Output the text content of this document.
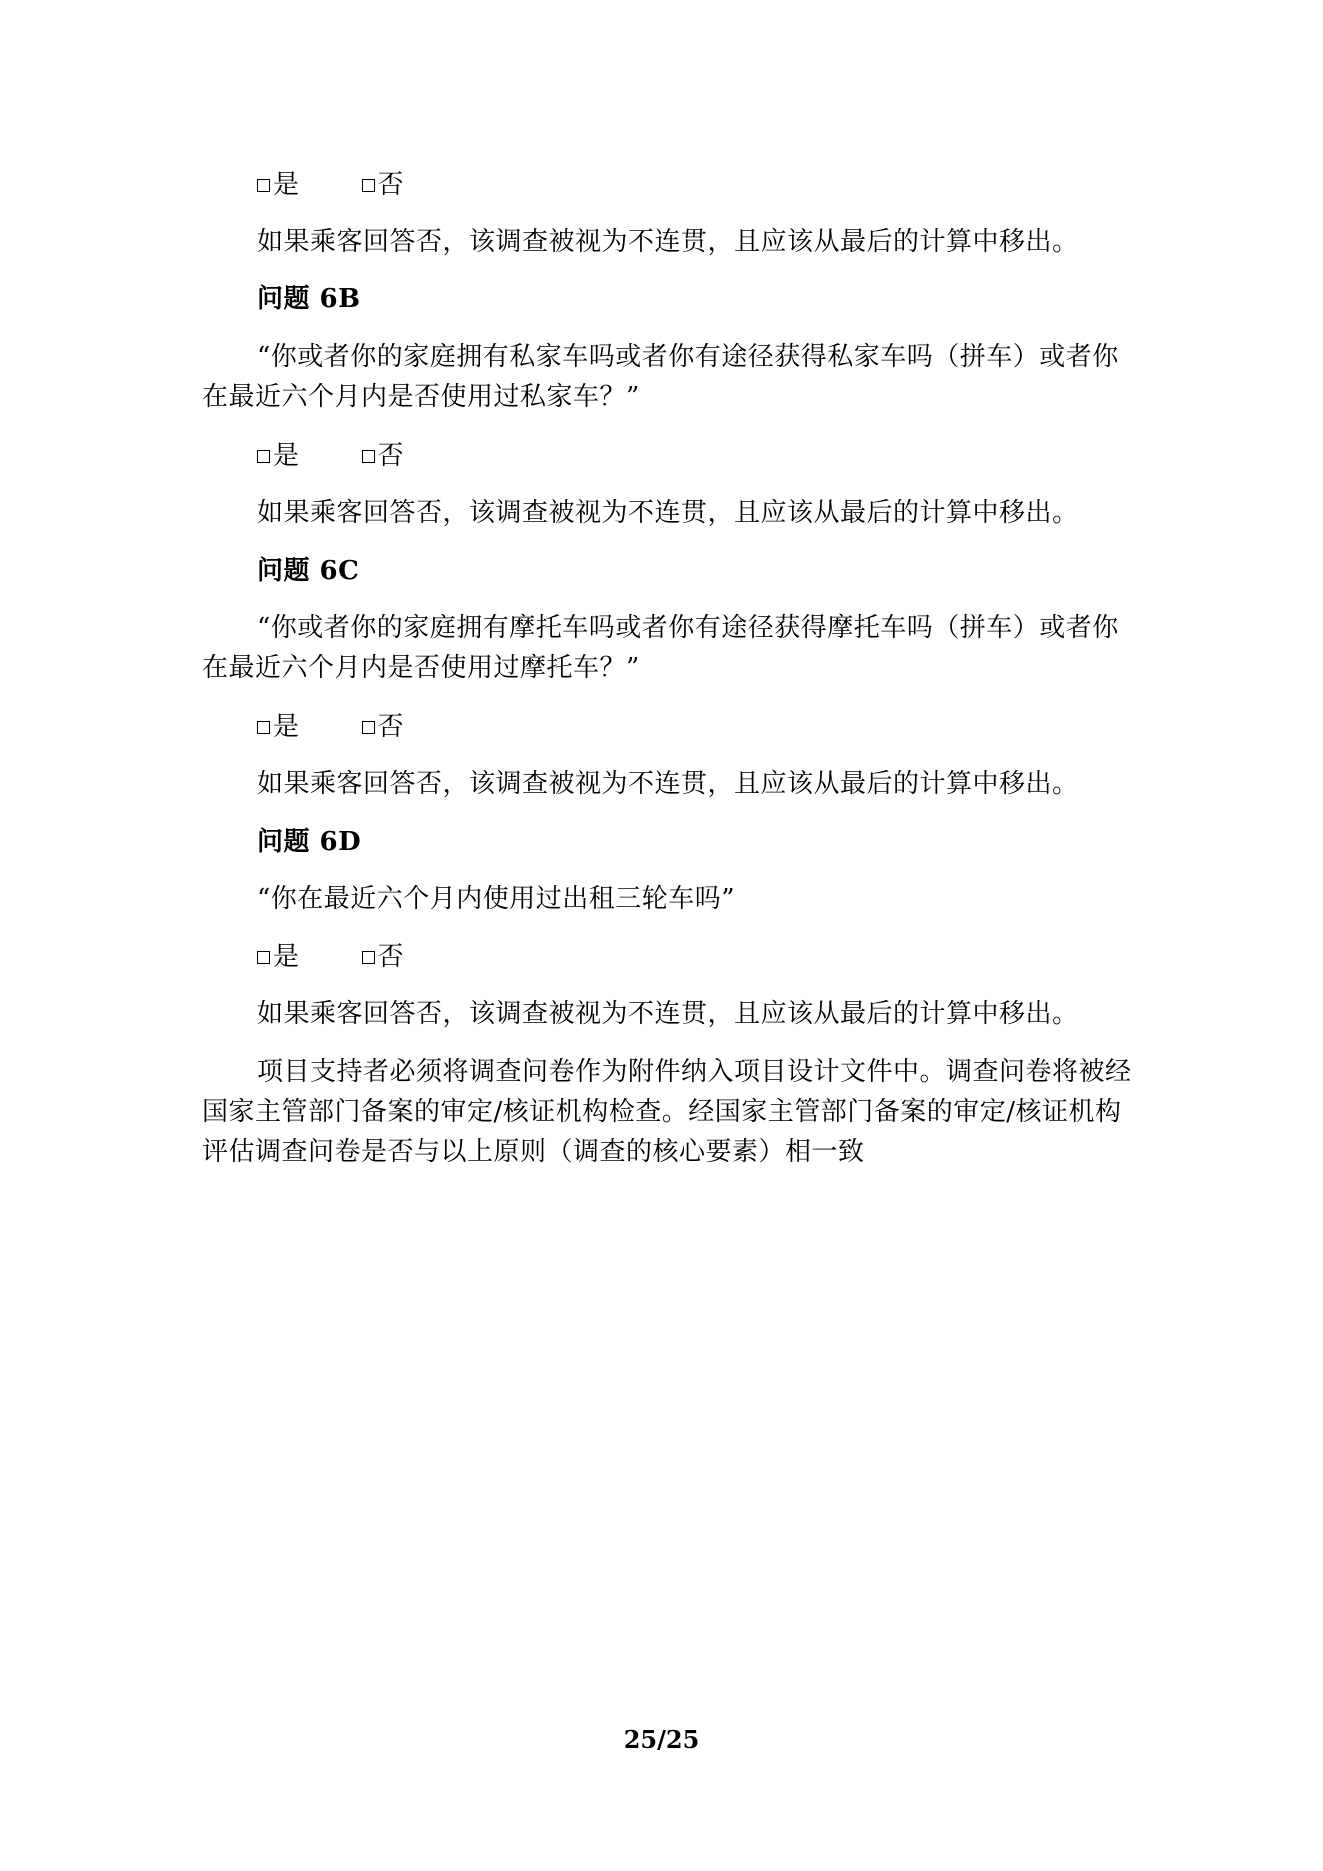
是	否
如果乘客回答否，该调查被视为不连贯，且应该从最后的计算中移出。
问题 6B
“你或者你的家庭拥有私家车吗或者你有途径获得私家车吗（拼车）或者你
在最近六个月内是否使用过私家车？”
是	否
如果乘客回答否，该调查被视为不连贯，且应该从最后的计算中移出。
问题 6C
“你或者你的家庭拥有摩托车吗或者你有途径获得摩托车吗（拼车）或者你
在最近六个月内是否使用过摩托车？”
是	否
如果乘客回答否，该调查被视为不连贯，且应该从最后的计算中移出。
问题 6D
“你在最近六个月内使用过出租三轮车吗”
是	否
如果乘客回答否，该调查被视为不连贯，且应该从最后的计算中移出。
项目支持者必须将调查问卷作为附件纳入项目设计文件中。调查问卷将被经
国家主管部门备案的审定/核证机构检查。经国家主管部门备案的审定/核证机构
评估调查问卷是否与以上原则（调查的核心要素）相一致
25/25
